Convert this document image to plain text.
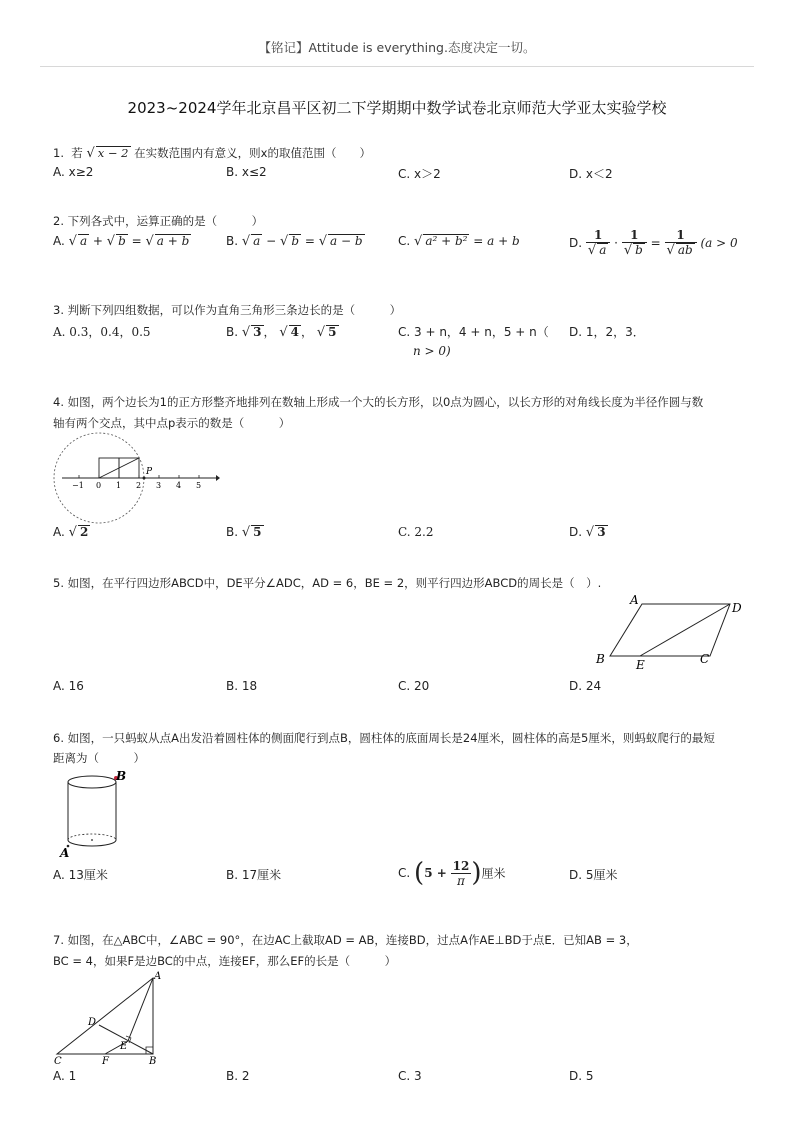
【铭记】Attitude is everything.态度决定一切。
2023~2024学年北京昌平区初二下学期期中数学试卷北京师范大学亚太实验学校
1. 若 √ x − 2 在实数范围内有意义，则x的取值范围（　　）
A. x≥2	B. x≤2	C. x＞2	D. x＜2
2. 下列各式中，运算正确的是（　　　）
A. √ a + √ b = √ a + b	B. √ a − √ b = √ a − b	C. √ a² + b² = a + b	D. $\frac{1}{√ a} \cdot \frac{1}{√ b} = \frac{1}{√ ab} (a > 0$
3. 判断下列四组数据，可以作为直角三角形三条边长的是（　　　）
A. 0.3，0.4，0.5	B. √ 3 ， √ 4 ， √ 5	C. 3 + n，4 + n，5 + n（
n > 0)
D. 1，2，3．
4. 如图，两个边长为1的正方形整齐地排列在数轴上形成一个大的长方形，以0点为圆心，以长方形的对角线长度为半径作圆与数
轴有两个交点，其中点p表示的数是（　　　）
P
−1 0 1 2 3 4 5
A. √ 2	B. √ 5	C. 2.2	D. √ 3
5. 如图，在平行四边形ABCD中，DE平分∠ADC，AD = 6，BE = 2，则平行四边形ABCD的周长是（　）.
A
D
B	E	C
A. 16	B. 18	C. 20	D. 24
6. 如图，一只蚂蚁从点A出发沿着圆柱体的侧面爬行到点B，圆柱体的底面周长是24厘米，圆柱体的高是5厘米，则蚂蚁爬行的最短
距离为（　　　）
B
A
A. 13厘米	B. 17厘米	C. ($5 + \frac{12}{\pi}$ )厘米	D. 5厘米
7. 如图，在△ABC中，∠ABC = 90°，在边AC上截取AD = AB，连接BD，过点A作AE⊥BD于点E．已知AB = 3，
BC = 4，如果F是边BC的中点，连接EF，那么EF的长是（　　　）
A
D
E
C	F	B
A. 1	B. 2	C. 3	D. 5
